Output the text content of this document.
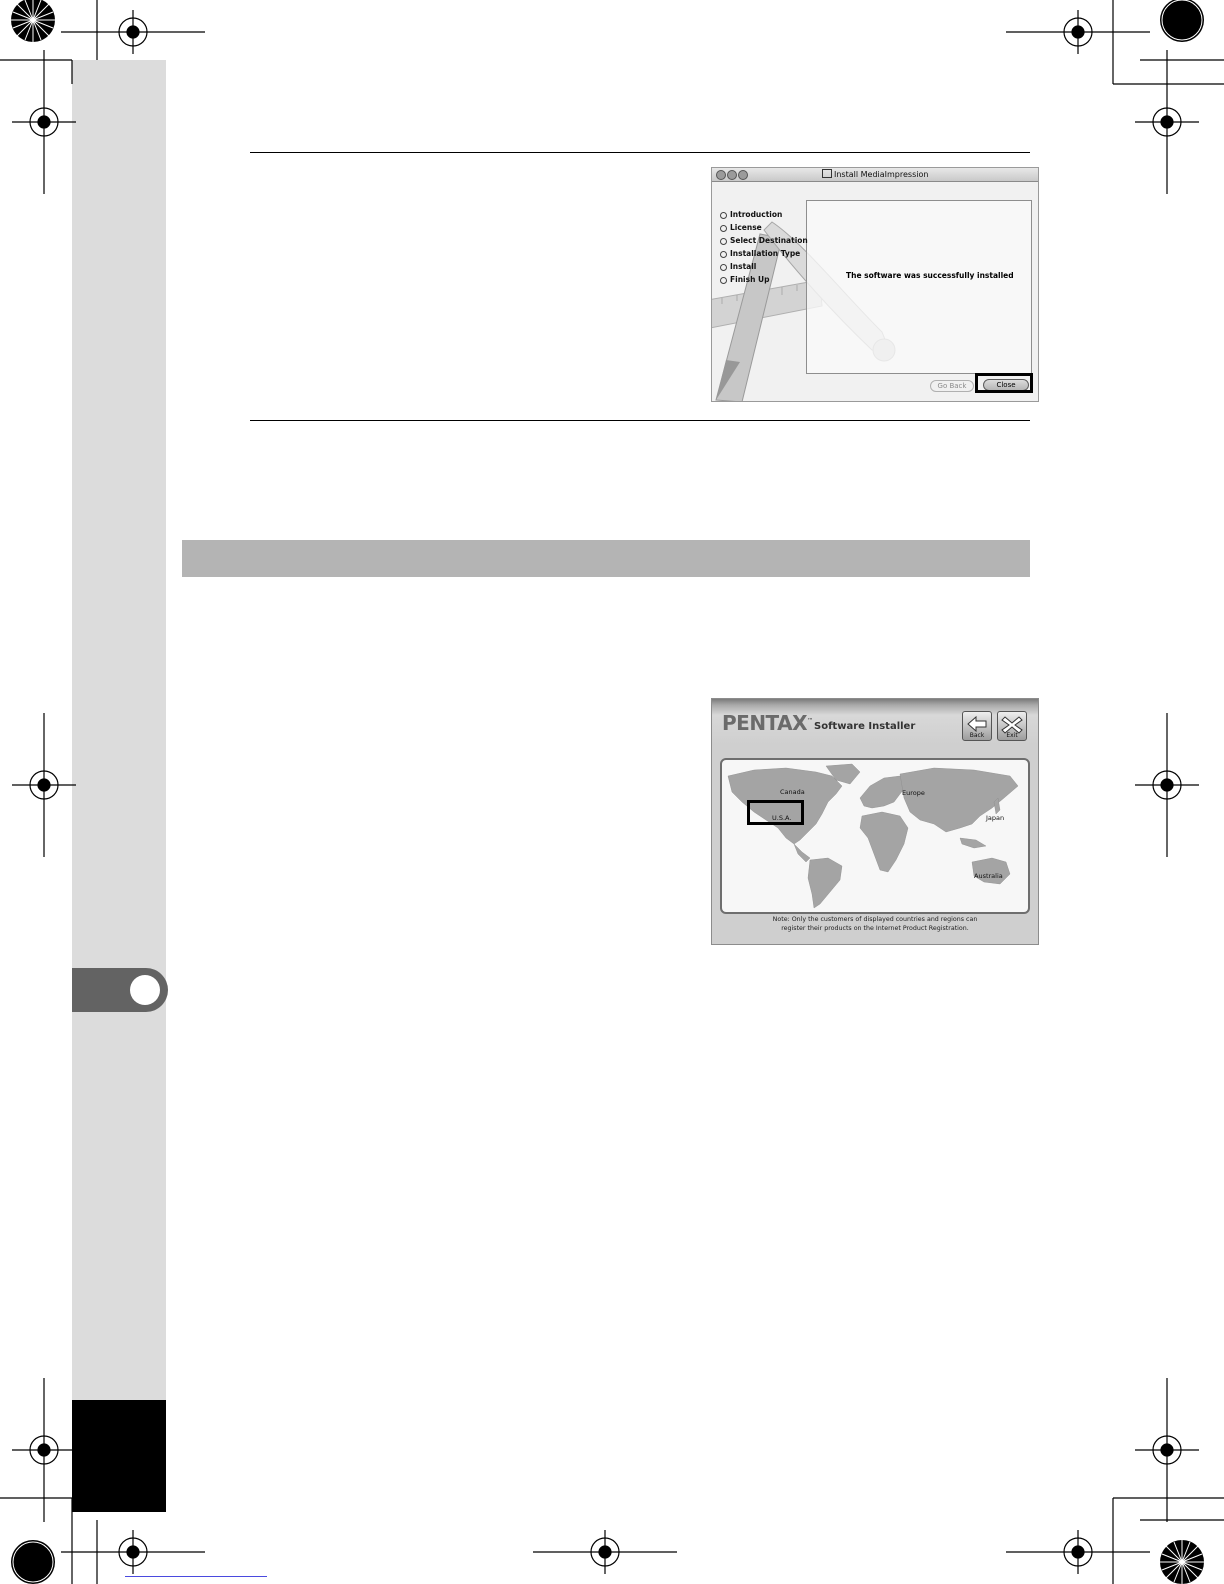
Install MediaImpression
Introduction
License
Select Destination
Installation Type
Install
Finish Up	The software was successfully installed
Go Back	Close
PENTAX™
Software Installer
Back	Exit
Canada
U.S.A.
Europe
Japan
Australia
Note: Only the customers of displayed countries and regions can
register their products on the Internet Product Registration.
